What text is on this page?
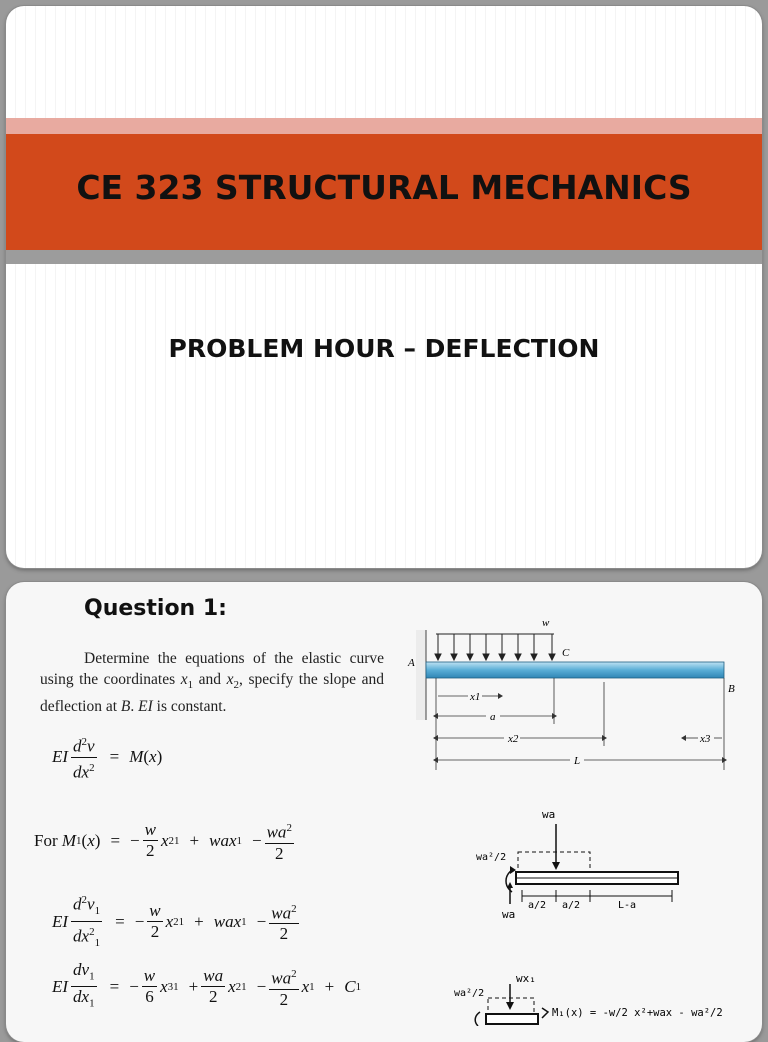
CE 323 STRUCTURAL MECHANICS
PROBLEM HOUR – DEFLECTION
Question 1:
Determine the equations of the elastic curve using the coordinates $x_1$ and $x_2$, specify the slope and deflection at B. EI is constant.
EI $\frac{d^2v}{dx^2} = M$ ( x )
For M 1 ( x ) = − $\frac{w}{2}$ x 2 1 + wax $1 - \frac{wa^2}{2}$
EI $\frac{d^2v_1}{dx^2_1}$ = − $\frac{w}{2}$ x 2 1 + wax $1 - \frac{wa^2}{2}$
EI $\frac{dv_1}{dx_1}$ = − $\frac{w}{6}$ x 3 $1 + \frac{wa}{2}$ x 2 $1 - \frac{wa^2}{2}$ x 1 + C 1
w
C
A
B
x1
a
x2	x3
L
wa
wa²/2
wa
a/2 a/2	L-a
wx₁
wa²/2
M₁(x) = -w/2 x²+wax - wa²/2
